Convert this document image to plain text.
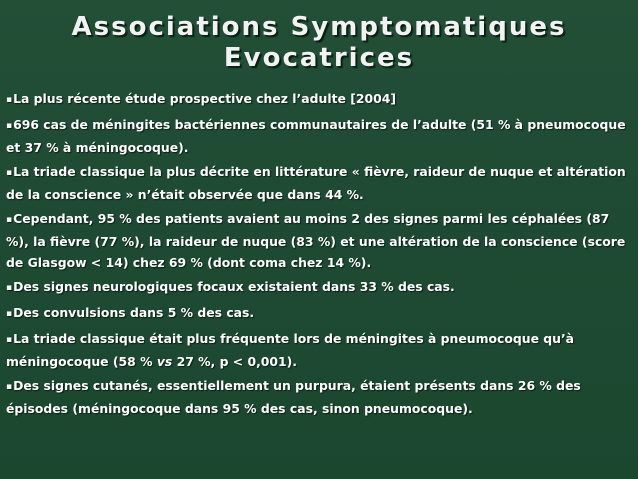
Associations Symptomatiques
Evocatrices
▪La plus récente étude prospective chez l’adulte [2004]
▪696 cas de méningites bactériennes communautaires de l’adulte (51 % à pneumocoque et 37 % à méningocoque).
▪La triade classique la plus décrite en littérature « fièvre, raideur de nuque et altération de la conscience » n’était observée que dans 44 %.
▪Cependant, 95 % des patients avaient au moins 2 des signes parmi les céphalées (87 %), la fièvre (77 %), la raideur de nuque (83 %) et une altération de la conscience (score de Glasgow < 14) chez 69 % (dont coma chez 14 %).
▪Des signes neurologiques focaux existaient dans 33 % des cas.
▪Des convulsions dans 5 % des cas.
▪La triade classique était plus fréquente lors de méningites à pneumocoque qu’à méningocoque (58 % vs 27 %, p < 0,001).
▪Des signes cutanés, essentiellement un purpura, étaient présents dans 26 % des épisodes (méningocoque dans 95 % des cas, sinon pneumocoque).
